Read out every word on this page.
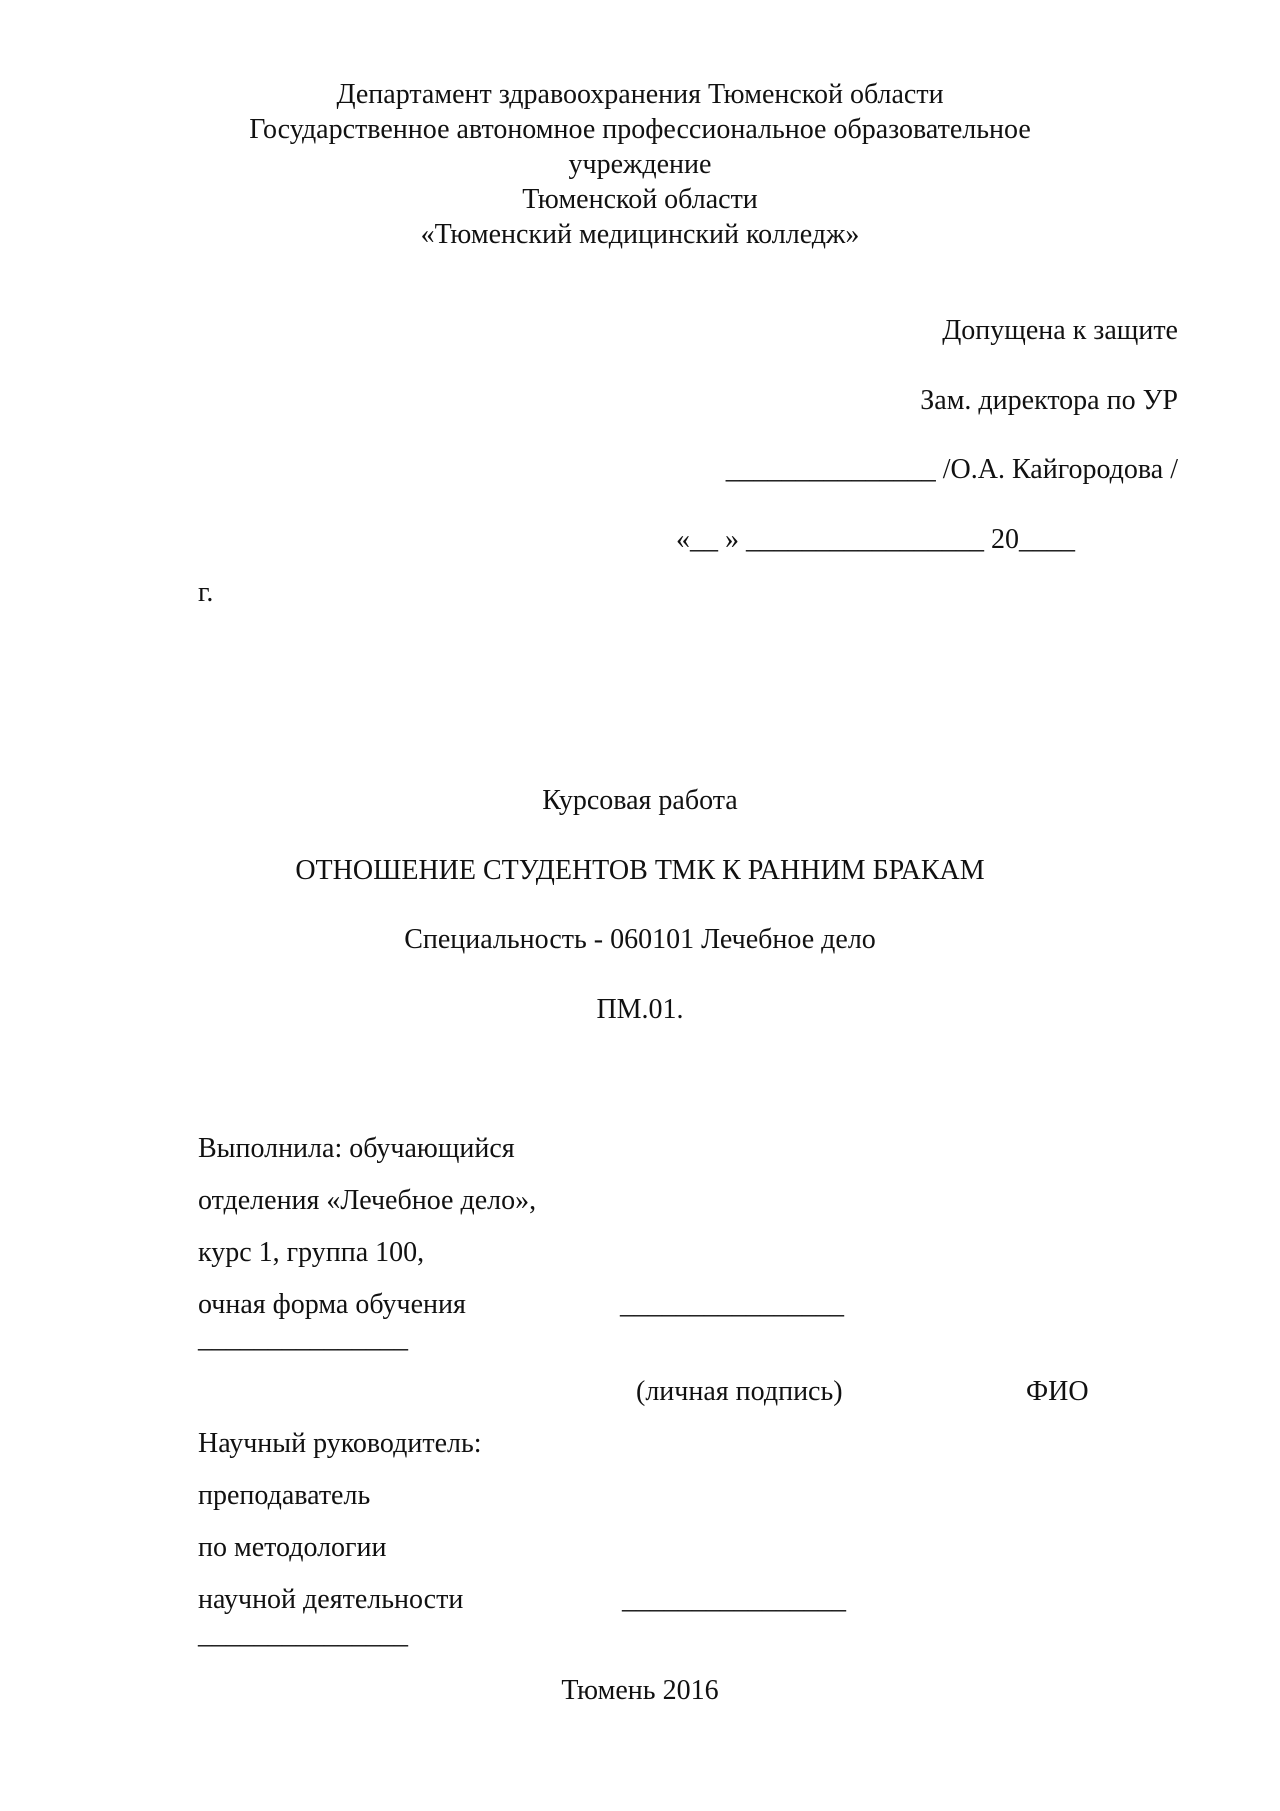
Департамент здравоохранения Тюменской области
Государственное автономное профессиональное образовательное
учреждение
Тюменской области
«Тюменский медицинский колледж»
Допущена к защите
Зам. директора по УР
_______________ /О.А. Кайгородова /
«__ » _________________ 20____
г.
Курсовая работа
ОТНОШЕНИЕ СТУДЕНТОВ ТМК К РАННИМ БРАКАМ
Специальность - 060101 Лечебное дело
ПМ.01.
Выполнила: обучающийся
отделения «Лечебное дело»,
курс 1, группа 100,
очная форма обучения	________________
_______________
(личная подпись)	ФИО
Научный руководитель:
преподаватель
по методологии
научной деятельности	________________
_______________
Тюмень 2016
